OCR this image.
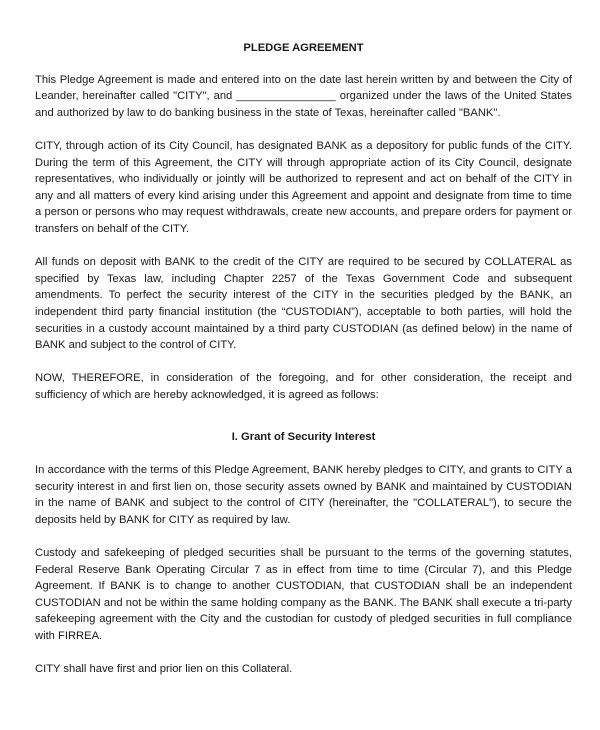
PLEDGE AGREEMENT

This Pledge Agreement is made and entered into on the date last herein written by and between the City of Leander, hereinafter called "CITY", and ________________ organized under the laws of the United States and authorized by law to do banking business in the state of Texas, hereinafter called "BANK".

CITY, through action of its City Council, has designated BANK as a depository for public funds of the CITY. During the term of this Agreement, the CITY will through appropriate action of its City Council, designate representatives, who individually or jointly will be authorized to represent and act on behalf of the CITY in any and all matters of every kind arising under this Agreement and appoint and designate from time to time a person or persons who may request withdrawals, create new accounts, and prepare orders for payment or transfers on behalf of the CITY.

All funds on deposit with BANK to the credit of the CITY are required to be secured by COLLATERAL as specified by Texas law, including Chapter 2257 of the Texas Government Code and subsequent amendments. To perfect the security interest of the CITY in the securities pledged by the BANK, an independent third party financial institution (the “CUSTODIAN”), acceptable to both parties, will hold the securities in a custody account maintained by a third party CUSTODIAN (as defined below) in the name of BANK and subject to the control of CITY.

NOW, THEREFORE, in consideration of the foregoing, and for other consideration, the receipt and sufficiency of which are hereby acknowledged, it is agreed as follows:

I. Grant of Security Interest

In accordance with the terms of this Pledge Agreement, BANK hereby pledges to CITY, and grants to CITY a security interest in and first lien on, those security assets owned by BANK and maintained by CUSTODIAN in the name of BANK and subject to the control of CITY (hereinafter, the "COLLATERAL"), to secure the deposits held by BANK for CITY as required by law.

Custody and safekeeping of pledged securities shall be pursuant to the terms of the governing statutes, Federal Reserve Bank Operating Circular 7 as in effect from time to time (Circular 7), and this Pledge Agreement. If BANK is to change to another CUSTODIAN, that CUSTODIAN shall be an independent CUSTODIAN and not be within the same holding company as the BANK. The BANK shall execute a tri-party safekeeping agreement with the City and the custodian for custody of pledged securities in full compliance with FIRREA.

CITY shall have first and prior lien on this Collateral.
